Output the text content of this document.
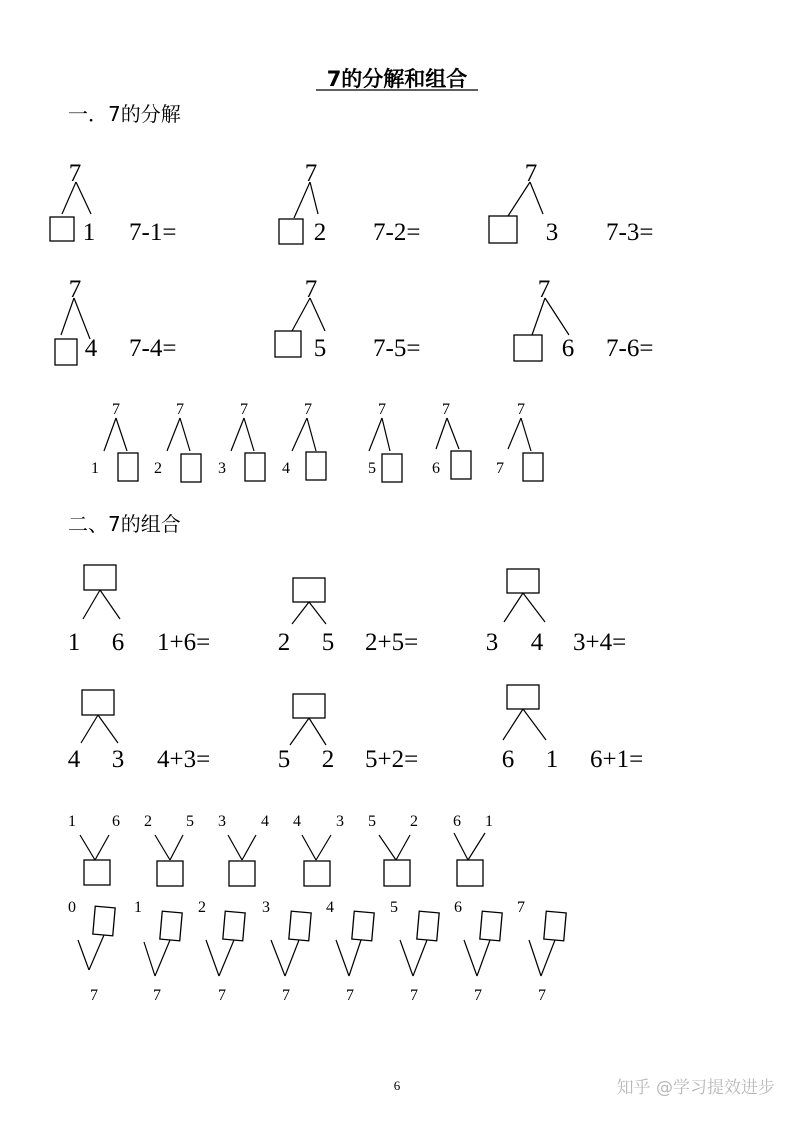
7的分解和组合
一．7的分解
二、7的组合
7
1 7-1=
7
2 7-2=
7
3 7-3=
7
4 7-4=
7
5 7-5=
7
6 7-6=
7
1
7
2
7
3
7
4
7
5
7
6
7
7
1 6 1+6=	2 5 2+5=	3 4 3+4=
4 3 4+3=	5 2 5+2=	6 1 6+1=
1 6 2 5 3 4 4 3 5 2 6 1
0
7
1
7
2
7
3
7
4
7
5
7
6
7
7
7
6	知乎 @学习提效进步
